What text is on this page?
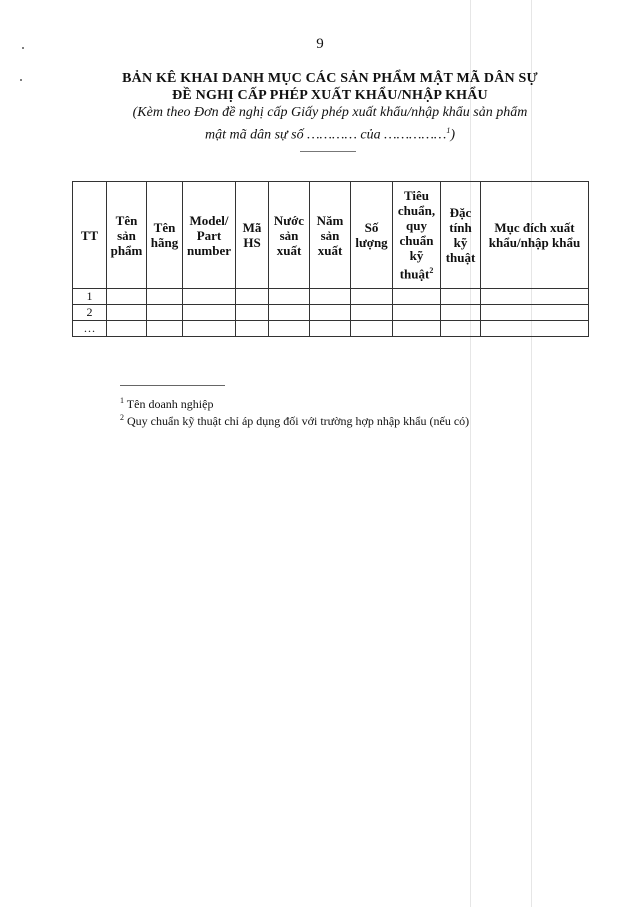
9
BẢN KÊ KHAI DANH MỤC CÁC SẢN PHẨM MẬT MÃ DÂN SỰ
ĐỀ NGHỊ CẤP PHÉP XUẤT KHẨU/NHẬP KHẨU
(Kèm theo Đơn đề nghị cấp Giấy phép xuất khẩu/nhập khẩu sản phẩm
mật mã dân sự số ………… của ……………$^1$)
TT	Tên sản phẩm	Tên hãng	Model/ Part number	Mã HS	Nước sản xuất	Năm sản xuất	Số lượng	Tiêu chuẩn, quy chuẩn kỹ thuật$^2$	Đặc tính kỹ thuật	Mục đích xuất khẩu/nhập khẩu
1										
2										
…										
$^1$ Tên doanh nghiệp
$^2$ Quy chuẩn kỹ thuật chỉ áp dụng đối với trường hợp nhập khẩu (nếu có)
